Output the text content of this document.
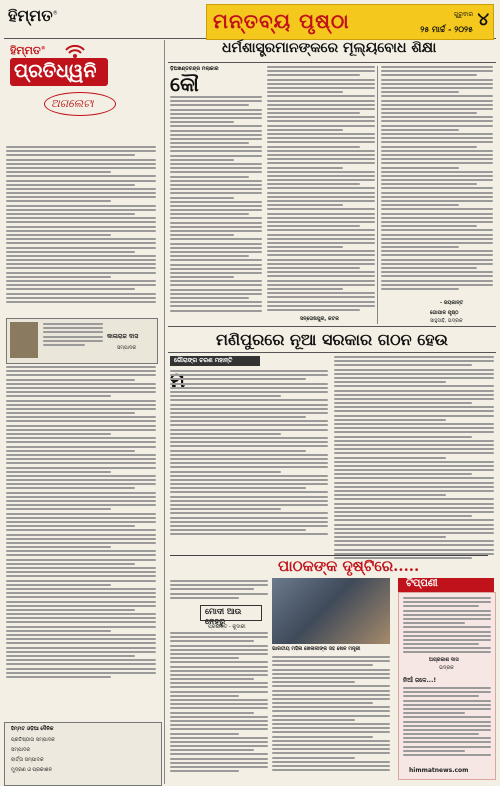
ହିମ୍ମତ®	ମନ୍ତବ୍ୟ ପୃଷ୍ଠା	ଗୁରୁବାର
୨୫ ମାର୍ଚ୍ଚ - ୨୦୨୫ ୪
ହିମ୍ମତ®
ପ୍ରତିଧ୍ୱନି
ଅଗଲେଟା
କାଳାରାଜ ଦାସ
ସମ୍ପାଦକ
ହିମ୍ମତ ଓଡ଼ିଆ ଦୈନିକ
ପ୍ରତିଷ୍ଠାତା ସମ୍ପାଦକ
ସମ୍ପାଦକ
ବାର୍ତ୍ତା ସମ୍ପାଦକ
ମୁଦ୍ରଣ ଓ ପ୍ରକାଶନ
ଧର୍ମଶାସ୍ତ୍ରମାନଙ୍କରେ ମୂଲ୍ୟବୋଧ ଶିକ୍ଷା
ଡ଼ିଅଖଣ୍ଡଚନ୍ଦ୍ର ମଲାକାର
କୌ
- ଜୟକାନ୍ତ
ଗୋପାଳ ପୃଷ୍ଠ
ସାହୁସାହି, ଭଦ୍ରକ
ସନ୍ତୋଷପୁର, କଟକ
ମଣିପୁରରେ ନୂଆ ସରକାର ଗଠନ ହେଉ
ଗୌରାଙ୍ଗ ଚରଣ ମହାନ୍ତି
ପାଠକଙ୍କ ଦୃଷ୍ଟିରେ.....
ମୋଦୀ ଆଉ ନେହରୁ
ପ୍ରଶାନ୍ତ - କୁଦାରୀ
ଭାରତୀୟ ମହିଳା ଖେଳାଳୀଙ୍କ ସହ ଖେଳ ମନ୍ତ୍ରୀ
ଟିପ୍ପଣୀ
ଅପ୍ରକାଶ ଦାସ
ଭଦ୍ରକ
ନିଆଁ ଜଳେ...!
himmatnews.com
